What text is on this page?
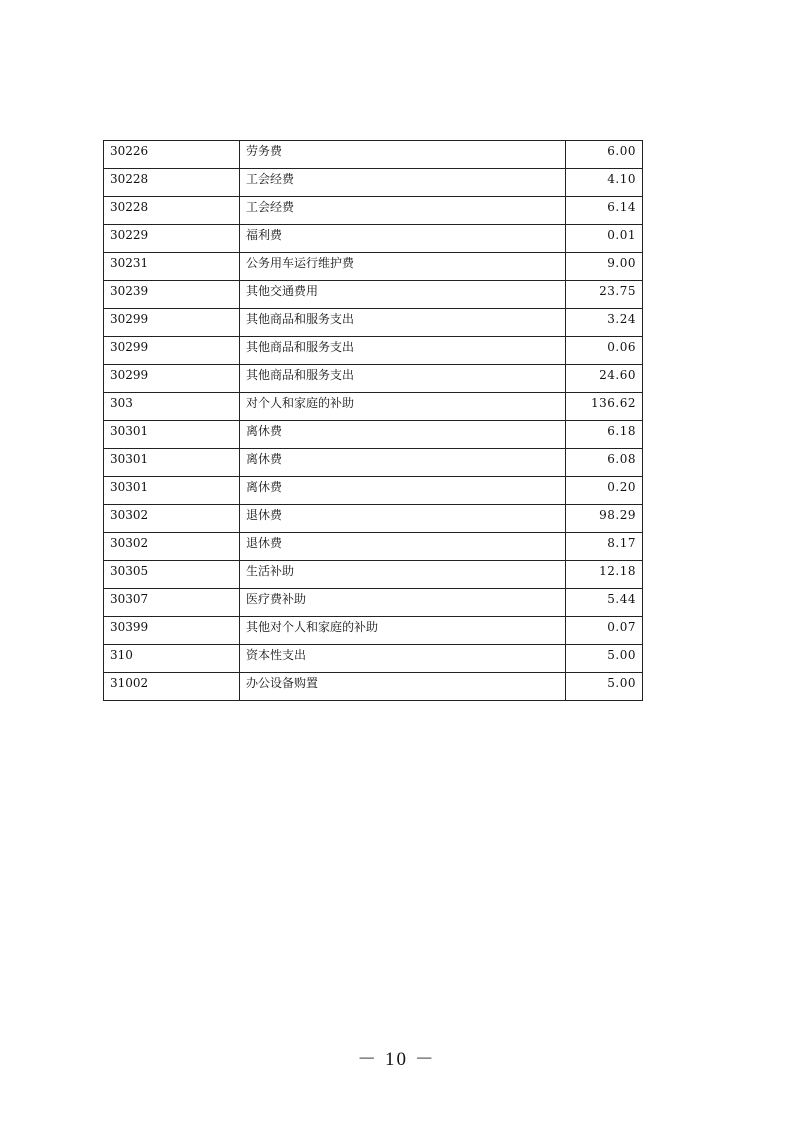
30226	劳务费	6.00
30228	工会经费	4.10
30228	工会经费	6.14
30229	福利费	0.01
30231	公务用车运行维护费	9.00
30239	其他交通费用	23.75
30299	其他商品和服务支出	3.24
30299	其他商品和服务支出	0.06
30299	其他商品和服务支出	24.60
303	对个人和家庭的补助	136.62
30301	离休费	6.18
30301	离休费	6.08
30301	离休费	0.20
30302	退休费	98.29
30302	退休费	8.17
30305	生活补助	12.18
30307	医疗费补助	5.44
30399	其他对个人和家庭的补助	0.07
310	资本性支出	5.00
31002	办公设备购置	5.00
－ 10 －
